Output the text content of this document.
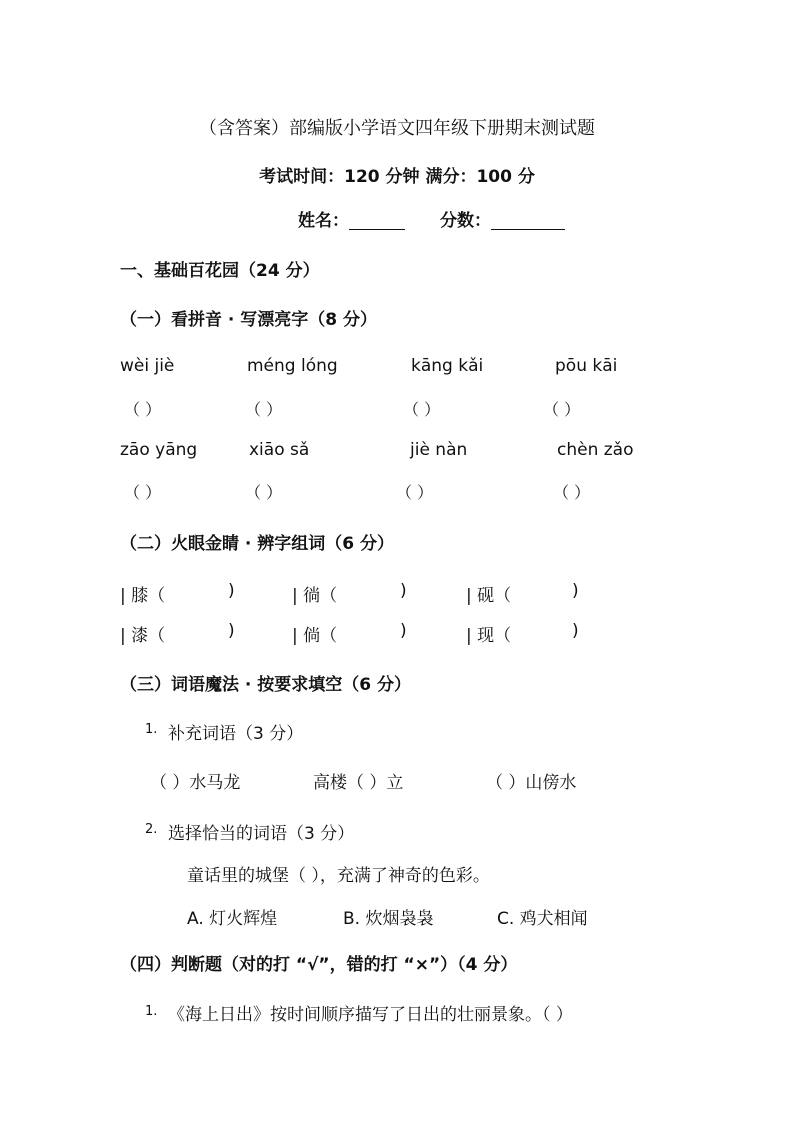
（含答案）部编版小学语文四年级下册期末测试题
考试时间：120 分钟 满分：100 分
姓名：	分数：
一、基础百花园（24 分）
（一）看拼音 · 写漂亮字（8 分）
wèi jiè	méng lóng	kāng kǎi	pōu kāi
（ ）	（ ）	（ ）	（ ）
zāo yāng	xiāo sǎ	jiè nàn	chèn zǎo
（ ）	（ ）	（ ）	（ ）
（二）火眼金睛 · 辨字组词（6 分）
| 膝（	)	| 徜（	)	| 砚（	)
| 漆（	)	| 倘（	)	| 现（	)
（三）词语魔法 · 按要求填空（6 分）
1. 补充词语（3 分）
（ ）水马龙	高楼（ ）立	（ ）山傍水
2. 选择恰当的词语（3 分）
童话里的城堡（ ），充满了神奇的色彩。
A. 灯火辉煌	B. 炊烟袅袅	C. 鸡犬相闻
（四）判断题（对的打 “√”，错的打 “×”）（4 分）
1. 《海上日出》按时间顺序描写了日出的壮丽景象。（ ）
